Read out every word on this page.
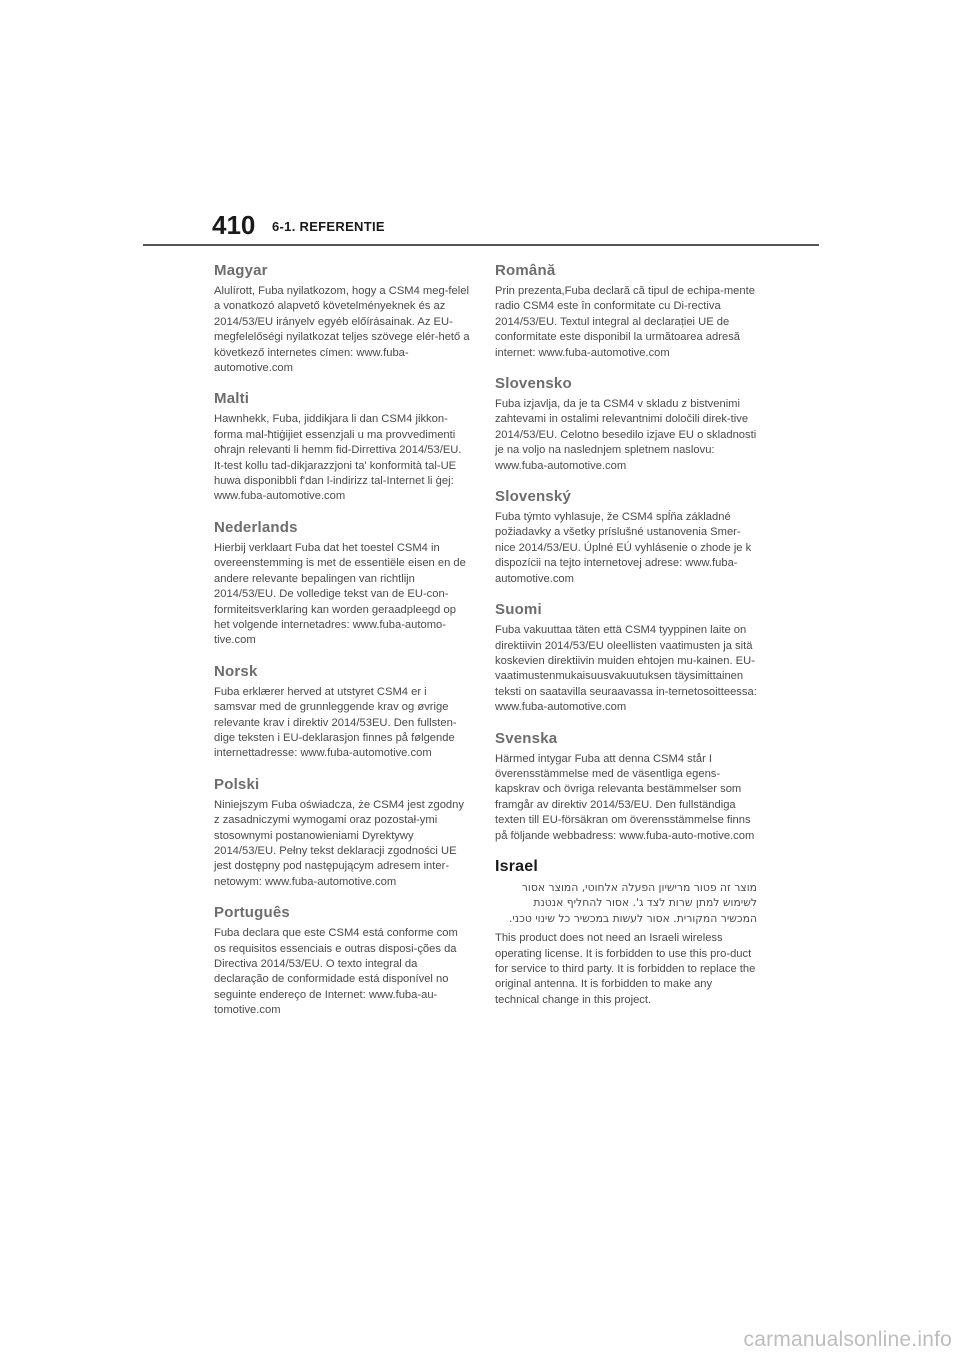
410 6-1. REFERENTIE
Magyar

Alulírott, Fuba nyilatkozom, hogy a CSM4 meg-felel a vonatkozó alapvető követelményeknek és az 2014/53/EU irányelv egyéb előírásainak. Az EU-megfelelőségi nyilatkozat teljes szövege elér-hető a következő internetes címen: www.fuba-automotive.com

Malti

Hawnhekk, Fuba, jiddikjara li dan CSM4 jikkon-forma mal-ħtiġijiet essenzjali u ma provvedimenti oħrajn relevanti li hemm fid-Dirrettiva 2014/53/EU. It-test kollu tad-dikjarazzjoni ta' konformità tal-UE huwa disponibbli f'dan l-indirizz tal-Internet li ġej: www.fuba-automotive.com

Nederlands

Hierbij verklaart Fuba dat het toestel CSM4 in overeenstemming is met de essentiële eisen en de andere relevante bepalingen van richtlijn 2014/53/EU. De volledige tekst van de EU-con-formiteitsverklaring kan worden geraadpleegd op het volgende internetadres: www.fuba-automo-tive.com

Norsk

Fuba erklærer herved at utstyret CSM4 er i samsvar med de grunnleggende krav og øvrige relevante krav i direktiv 2014/53EU. Den fullsten-dige teksten i EU-deklarasjon finnes på følgende internettadresse: www.fuba-automotive.com

Polski

Niniejszym Fuba oświadcza, że CSM4 jest zgodny z zasadniczymi wymogami oraz pozostał-ymi stosownymi postanowieniami Dyrektywy 2014/53/EU. Pełny tekst deklaracji zgodności UE jest dostępny pod następującym adresem inter-netowym: www.fuba-automotive.com

Português

Fuba declara que este CSM4 está conforme com os requisitos essenciais e outras disposi-ções da Directiva 2014/53/EU. O texto integral da declaração de conformidade está disponível no seguinte endereço de Internet: www.fuba-au-tomotive.com

Română

Prin prezenta,Fuba declară că tipul de echipa-mente radio CSM4 este în conformitate cu Di-rectiva 2014/53/EU. Textul integral al declarației UE de conformitate este disponibil la următoarea adresă internet: www.fuba-automotive.com

Slovensko

Fuba izjavlja, da je ta CSM4 v skladu z bistvenimi zahtevami in ostalimi relevantnimi določili direk-tive 2014/53/EU. Celotno besedilo izjave EU o skladnosti je na voljo na naslednjem spletnem naslovu: www.fuba-automotive.com

Slovenský

Fuba týmto vyhlasuje, že CSM4 spĺňa základné požiadavky a všetky príslušné ustanovenia Smer-nice 2014/53/EU. Úplné EÚ vyhlásenie o zhode je k dispozícii na tejto internetovej adrese: www.fuba-automotive.com

Suomi

Fuba vakuuttaa täten että CSM4 tyyppinen laite on direktiivin 2014/53/EU oleellisten vaatimusten ja sitä koskevien direktiivin muiden ehtojen mu-kainen. EU-vaatimustenmukaisuusvakuutuksen täysimittainen teksti on saatavilla seuraavassa in-ternetosoitteessa: www.fuba-automotive.com

Svenska

Härmed intygar Fuba att denna CSM4 står I överensstämmelse med de väsentliga egens-kapskrav och övriga relevanta bestämmelser som framgår av direktiv 2014/53/EU. Den fullständiga texten till EU-försäkran om överensstämmelse finns på följande webbadress: www.fuba-auto-motive.com

Israel

מוצר זה פטור מרישיון הפעלה אלחוטי, המוצר אסור לשימוש למתן שרות לצד ג'. אסור להחליף אנטנת המכשיר המקורית. אסור לעשות במכשיר כל שינוי טכני.

This product does not need an Israeli wireless operating license. It is forbidden to use this pro-duct for service to third party. It is forbidden to replace the original antenna. It is forbidden to make any technical change in this project.

carmanualsonline.info
